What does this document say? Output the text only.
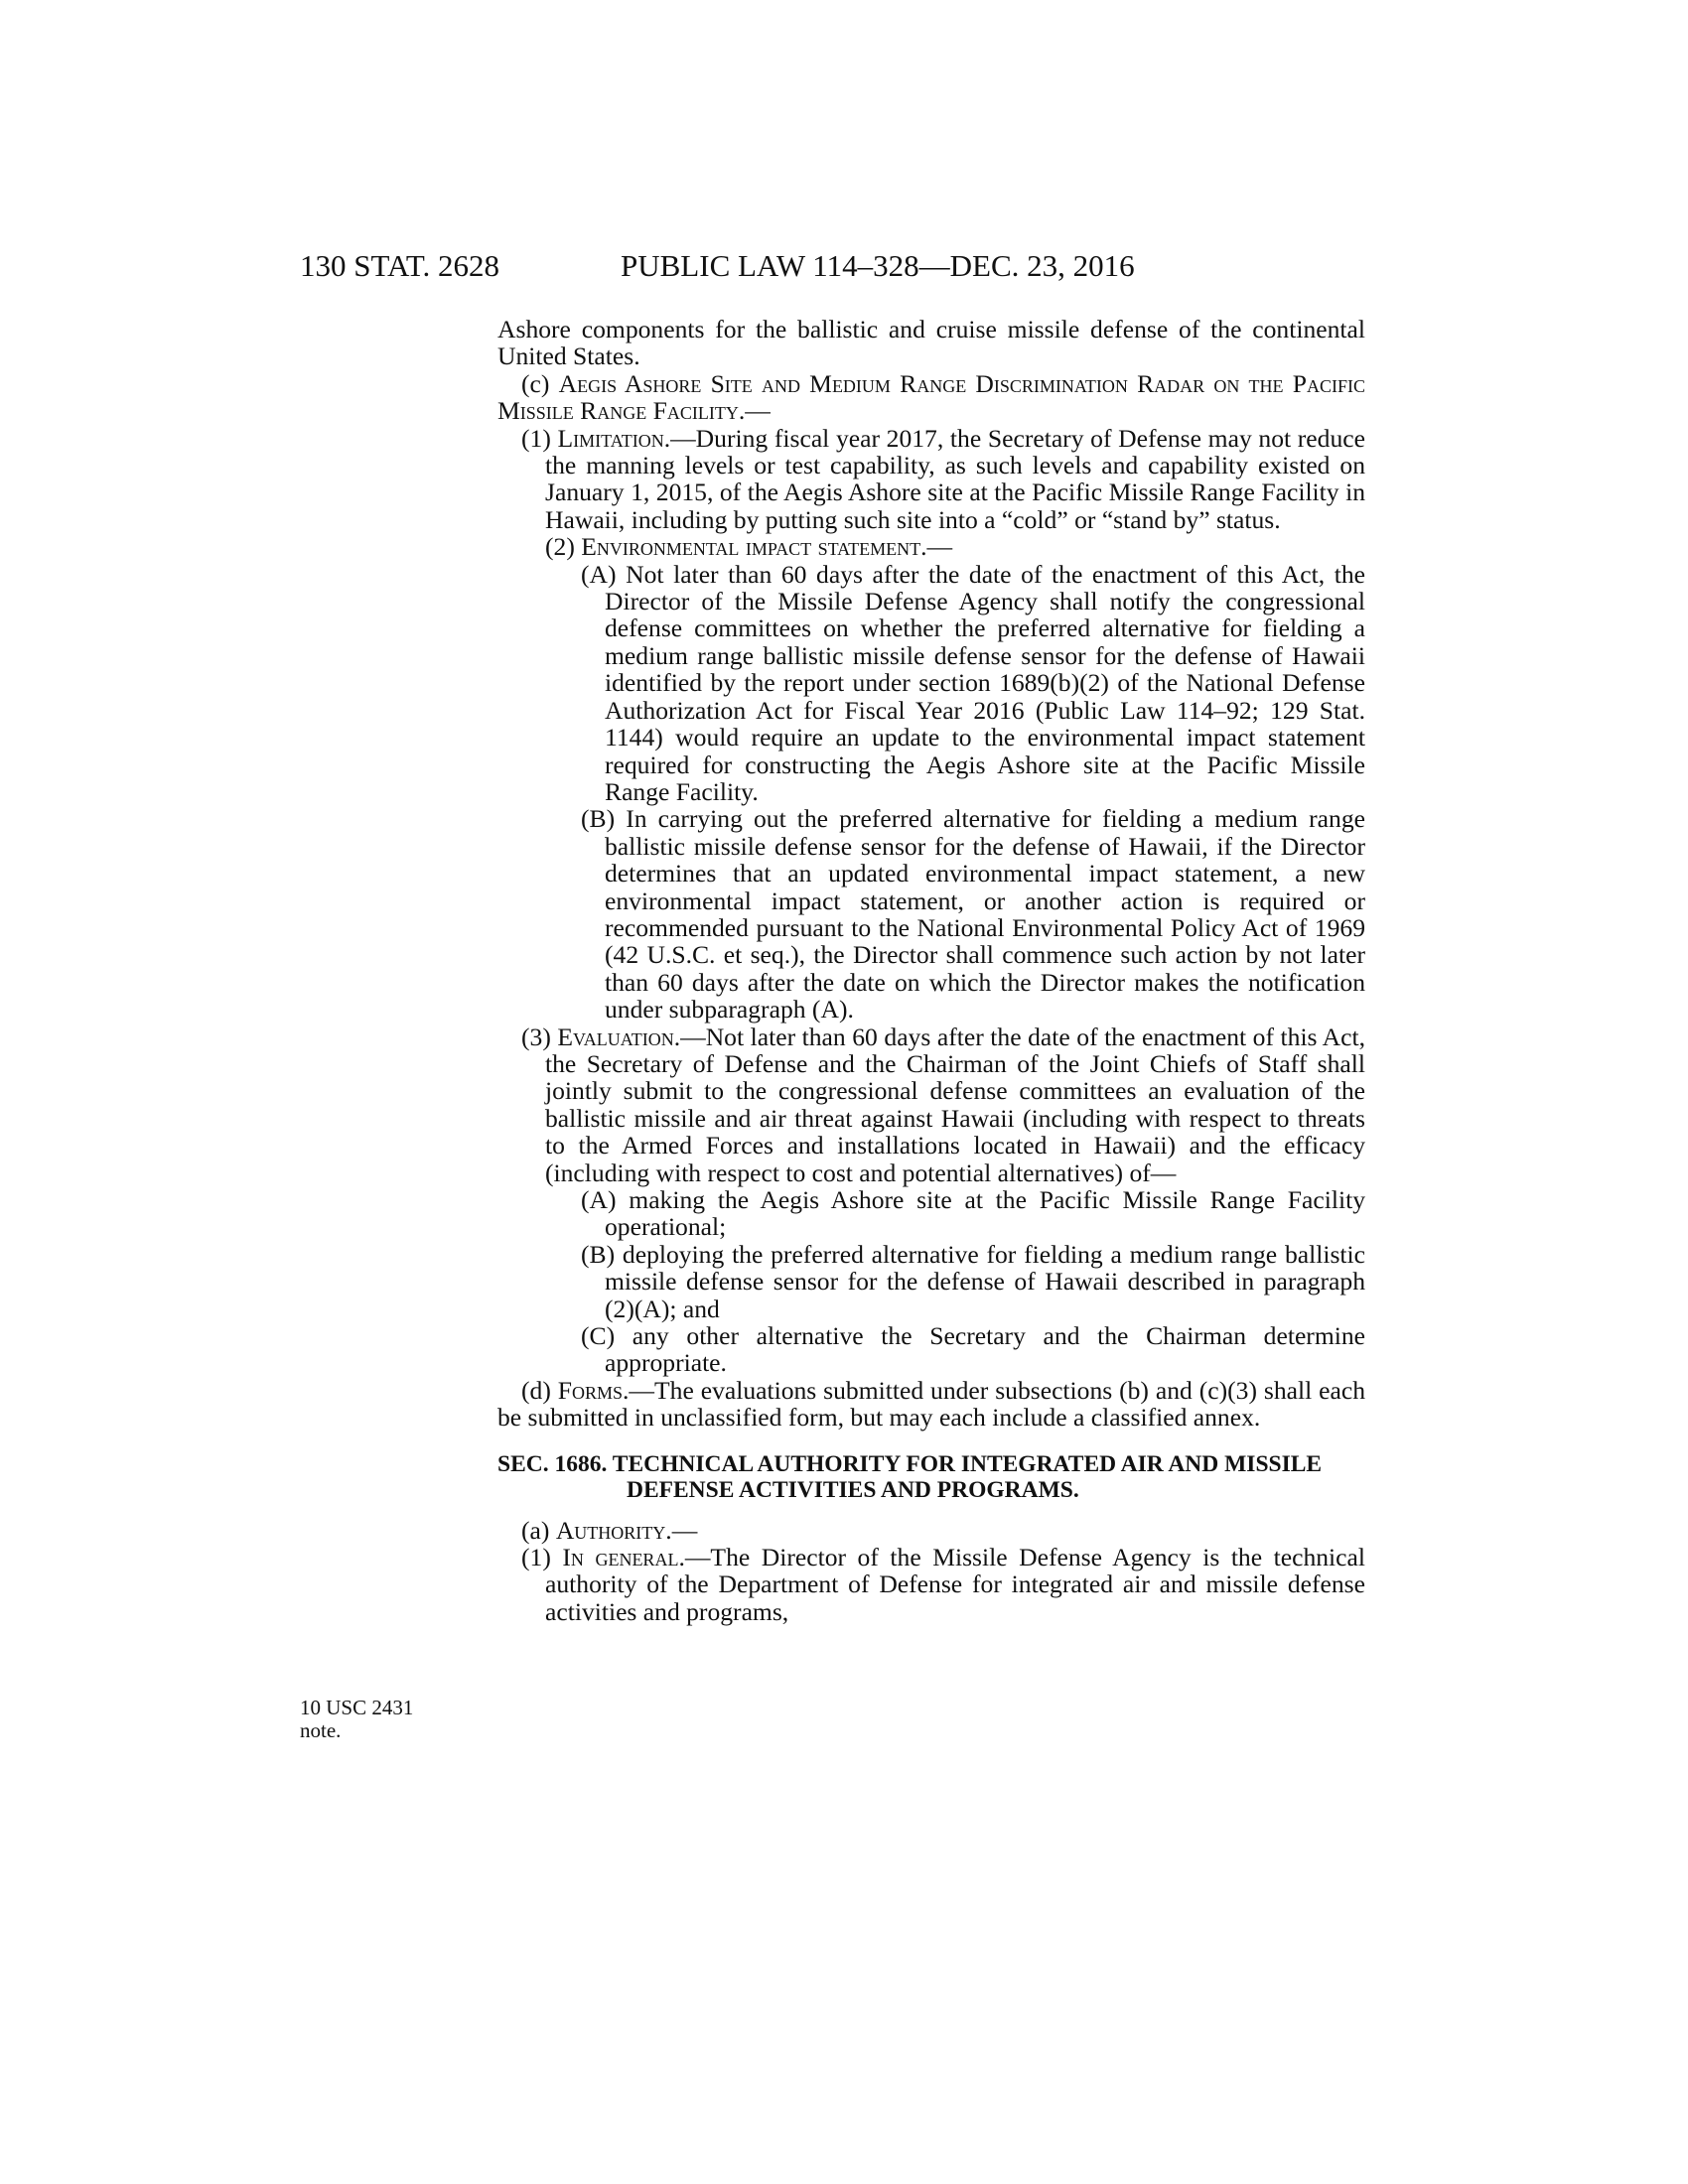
130 STAT. 2628	PUBLIC LAW 114–328—DEC. 23, 2016
10 USC 2431
note.

Ashore components for the ballistic and cruise missile defense of the continental United States.

(c) Aegis Ashore Site and Medium Range Discrimination Radar on the Pacific Missile Range Facility.—

(1) Limitation.—During fiscal year 2017, the Secretary of Defense may not reduce the manning levels or test capability, as such levels and capability existed on January 1, 2015, of the Aegis Ashore site at the Pacific Missile Range Facility in Hawaii, including by putting such site into a “cold” or “stand by” status.

(2) Environmental impact statement.—

(A) Not later than 60 days after the date of the enactment of this Act, the Director of the Missile Defense Agency shall notify the congressional defense committees on whether the preferred alternative for fielding a medium range ballistic missile defense sensor for the defense of Hawaii identified by the report under section 1689(b)(2) of the National Defense Authorization Act for Fiscal Year 2016 (Public Law 114–92; 129 Stat. 1144) would require an update to the environmental impact statement required for constructing the Aegis Ashore site at the Pacific Missile Range Facility.

(B) In carrying out the preferred alternative for fielding a medium range ballistic missile defense sensor for the defense of Hawaii, if the Director determines that an updated environmental impact statement, a new environmental impact statement, or another action is required or recommended pursuant to the National Environmental Policy Act of 1969 (42 U.S.C. et seq.), the Director shall commence such action by not later than 60 days after the date on which the Director makes the notification under subparagraph (A).

(3) Evaluation.—Not later than 60 days after the date of the enactment of this Act, the Secretary of Defense and the Chairman of the Joint Chiefs of Staff shall jointly submit to the congressional defense committees an evaluation of the ballistic missile and air threat against Hawaii (including with respect to threats to the Armed Forces and installations located in Hawaii) and the efficacy (including with respect to cost and potential alternatives) of—

(A) making the Aegis Ashore site at the Pacific Missile Range Facility operational;

(B) deploying the preferred alternative for fielding a medium range ballistic missile defense sensor for the defense of Hawaii described in paragraph (2)(A); and

(C) any other alternative the Secretary and the Chairman determine appropriate.

(d) Forms.—The evaluations submitted under subsections (b) and (c)(3) shall each be submitted in unclassified form, but may each include a classified annex.

SEC. 1686. TECHNICAL AUTHORITY FOR INTEGRATED AIR AND MISSILE DEFENSE ACTIVITIES AND PROGRAMS.

(a) Authority.—

(1) In general.—The Director of the Missile Defense Agency is the technical authority of the Department of Defense for integrated air and missile defense activities and programs,
